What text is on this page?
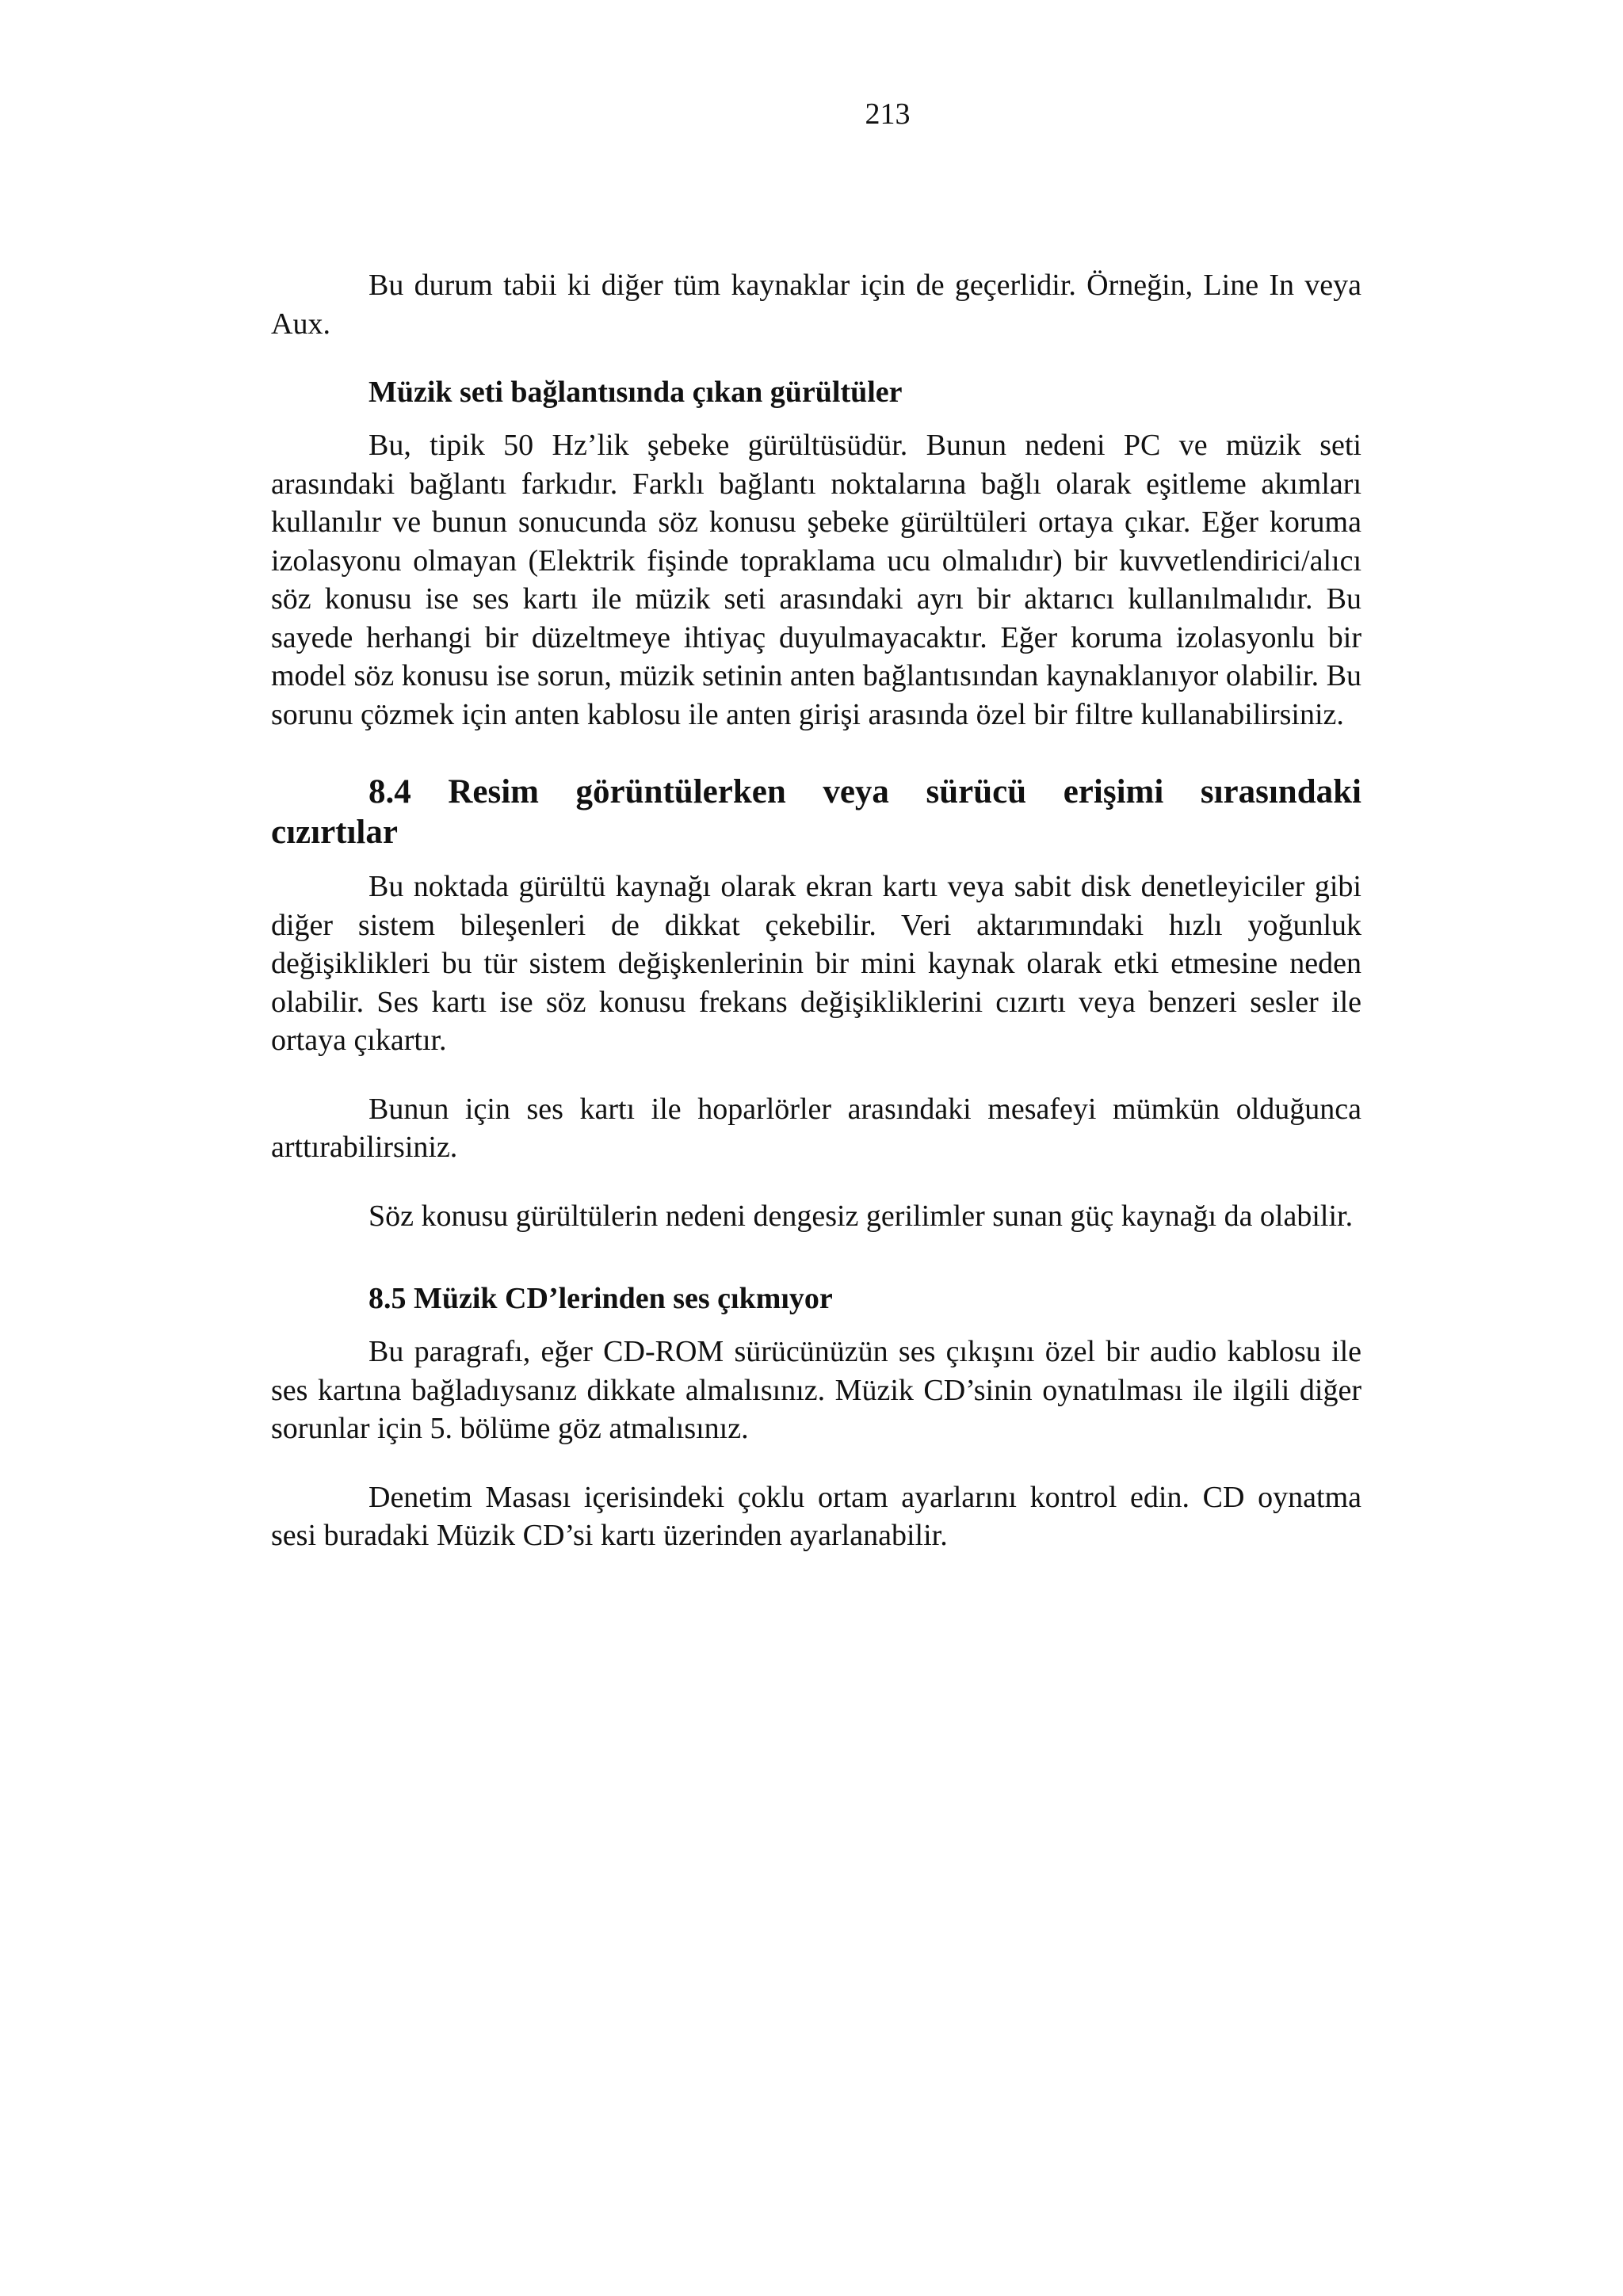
213

Bu durum tabii ki diğer tüm kaynaklar için de geçerlidir. Örneğin, Line In veya Aux.

Müzik seti bağlantısında çıkan gürültüler

Bu, tipik 50 Hz’lik şebeke gürültüsüdür. Bunun nedeni PC ve müzik seti arasındaki bağlantı farkıdır. Farklı bağlantı noktalarına bağlı olarak eşitleme akımları kullanılır ve bunun sonucunda söz konusu şebeke gürültüleri ortaya çıkar. Eğer koruma izolasyonu olmayan (Elektrik fişinde topraklama ucu olmalıdır) bir kuvvetlendirici/alıcı söz konusu ise ses kartı ile müzik seti arasındaki ayrı bir aktarıcı kullanılmalıdır. Bu sayede herhangi bir düzeltmeye ihtiyaç duyulmayacaktır. Eğer koruma izolasyonlu bir model söz konusu ise sorun, müzik setinin anten bağlantısından kaynaklanıyor olabilir. Bu sorunu çözmek için anten kablosu ile anten girişi arasında özel bir filtre kullanabilirsiniz.

8.4 Resim görüntülerken veya sürücü erişimi sırasındaki cızırtılar

Bu noktada gürültü kaynağı olarak ekran kartı veya sabit disk denetleyiciler gibi diğer sistem bileşenleri de dikkat çekebilir. Veri aktarımındaki hızlı yoğunluk değişiklikleri bu tür sistem değişkenlerinin bir mini kaynak olarak etki etmesine neden olabilir. Ses kartı ise söz konusu frekans değişikliklerini cızırtı veya benzeri sesler ile ortaya çıkartır.

Bunun için ses kartı ile hoparlörler arasındaki mesafeyi mümkün olduğunca arttırabilirsiniz.

Söz konusu gürültülerin nedeni dengesiz gerilimler sunan güç kaynağı da olabilir.

8.5 Müzik CD’lerinden ses çıkmıyor

Bu paragrafı, eğer CD-ROM sürücünüzün ses çıkışını özel bir audio kablosu ile ses kartına bağladıysanız dikkate almalısınız. Müzik CD’sinin oynatılması ile ilgili diğer sorunlar için 5. bölüme göz atmalısınız.

Denetim Masası içerisindeki çoklu ortam ayarlarını kontrol edin. CD oynatma sesi buradaki Müzik CD’si kartı üzerinden ayarlanabilir.
